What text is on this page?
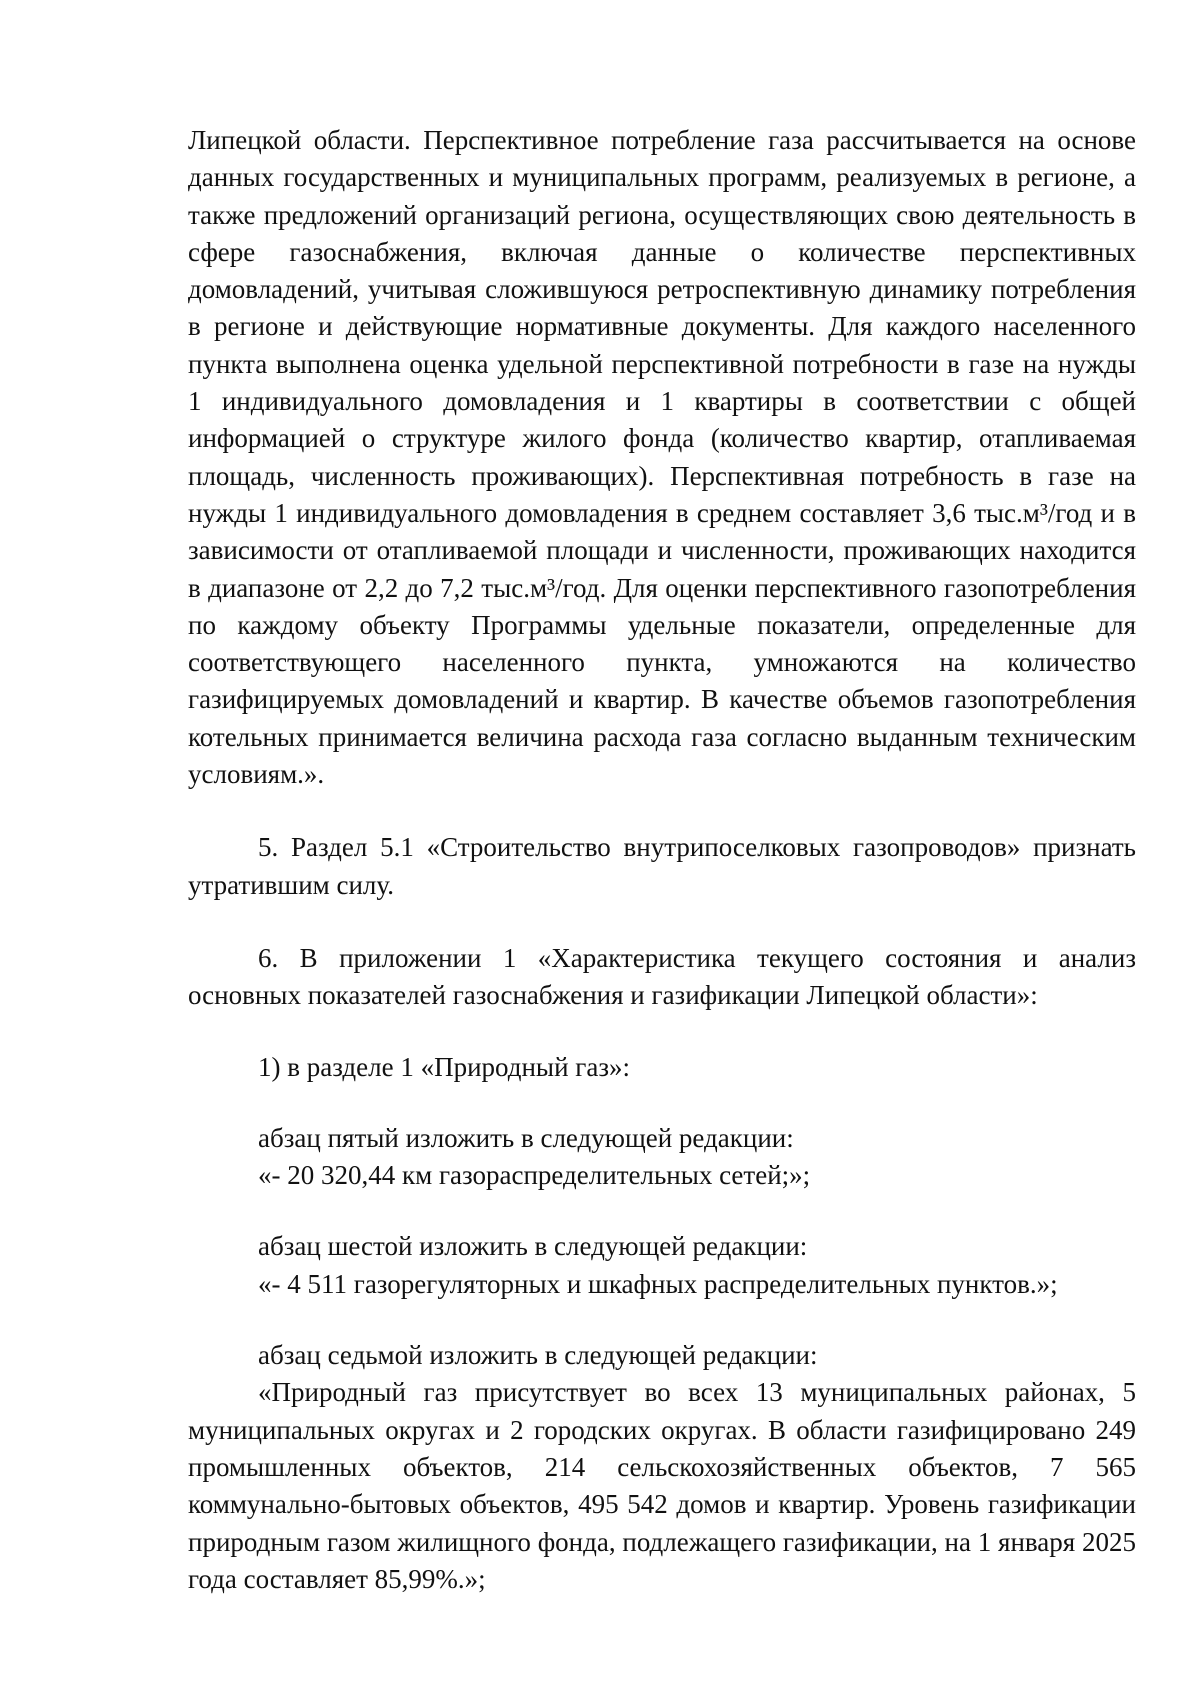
Липецкой области. Перспективное потребление газа рассчитывается на основе данных государственных и муниципальных программ, реализуемых в регионе, а также предложений организаций региона, осуществляющих свою деятельность в сфере газоснабжения, включая данные о количестве перспективных домовладений, учитывая сложившуюся ретроспективную динамику потребления в регионе и действующие нормативные документы. Для каждого населенного пункта выполнена оценка удельной перспективной потребности в газе на нужды 1 индивидуального домовладения и 1 квартиры в соответствии с общей информацией о структуре жилого фонда (количество квартир, отапливаемая площадь, численность проживающих). Перспективная потребность в газе на нужды 1 индивидуального домовладения в среднем составляет 3,6 тыс.м³/год и в зависимости от отапливаемой площади и численности, проживающих находится в диапазоне от 2,2 до 7,2 тыс.м³/год. Для оценки перспективного газопотребления по каждому объекту Программы удельные показатели, определенные для соответствующего населенного пункта, умножаются на количество газифицируемых домовладений и квартир. В качестве объемов газопотребления котельных принимается величина расхода газа согласно выданным техническим условиям.».

5. Раздел 5.1 «Строительство внутрипоселковых газопроводов» признать утратившим силу.

6. В приложении 1 «Характеристика текущего состояния и анализ основных показателей газоснабжения и газификации Липецкой области»:

1) в разделе 1 «Природный газ»:

абзац пятый изложить в следующей редакции:

«- 20 320,44 км газораспределительных сетей;»;

абзац шестой изложить в следующей редакции:

«- 4 511 газорегуляторных и шкафных распределительных пунктов.»;

абзац седьмой изложить в следующей редакции:

«Природный газ присутствует во всех 13 муниципальных районах, 5 муниципальных округах и 2 городских округах. В области газифицировано 249 промышленных объектов, 214 сельскохозяйственных объектов, 7 565 коммунально-бытовых объектов, 495 542 домов и квартир. Уровень газификации природным газом жилищного фонда, подлежащего газификации, на 1 января 2025 года составляет 85,99%.»;
